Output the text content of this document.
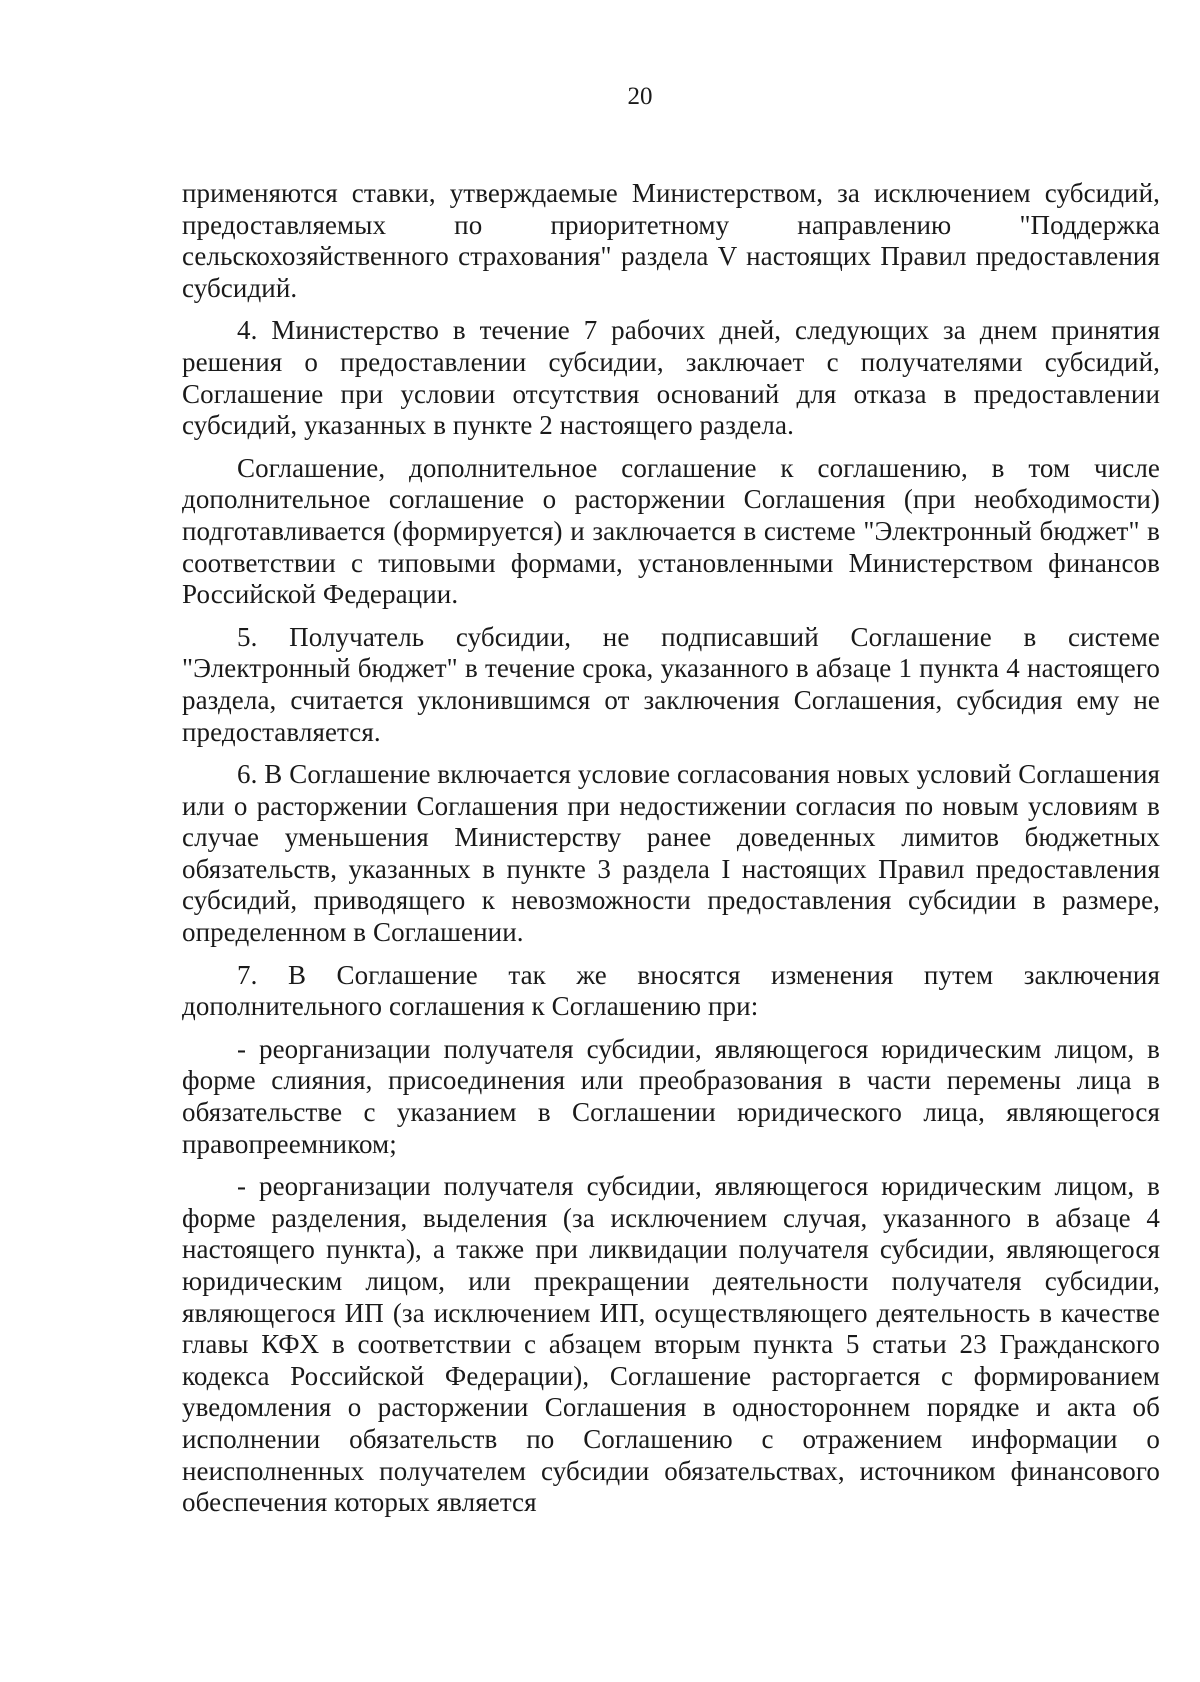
20

применяются ставки, утверждаемые Министерством, за исключением субсидий, предоставляемых по приоритетному направлению "Поддержка сельскохозяйственного страхования" раздела V настоящих Правил предоставления субсидий.

4. Министерство в течение 7 рабочих дней, следующих за днем принятия решения о предоставлении субсидии, заключает с получателями субсидий, Соглашение при условии отсутствия оснований для отказа в предоставлении субсидий, указанных в пункте 2 настоящего раздела.

Соглашение, дополнительное соглашение к соглашению, в том числе дополнительное соглашение о расторжении Соглашения (при необходимости) подготавливается (формируется) и заключается в системе "Электронный бюджет" в соответствии с типовыми формами, установленными Министерством финансов Российской Федерации.

5. Получатель субсидии, не подписавший Соглашение в системе "Электронный бюджет" в течение срока, указанного в абзаце 1 пункта 4 настоящего раздела, считается уклонившимся от заключения Соглашения, субсидия ему не предоставляется.

6. В Соглашение включается условие согласования новых условий Соглашения или о расторжении Соглашения при недостижении согласия по новым условиям в случае уменьшения Министерству ранее доведенных лимитов бюджетных обязательств, указанных в пункте 3 раздела I настоящих Правил предоставления субсидий, приводящего к невозможности предоставления субсидии в размере, определенном в Соглашении.

7. В Соглашение так же вносятся изменения путем заключения дополнительного соглашения к Соглашению при:

- реорганизации получателя субсидии, являющегося юридическим лицом, в форме слияния, присоединения или преобразования в части перемены лица в обязательстве с указанием в Соглашении юридического лица, являющегося правопреемником;

- реорганизации получателя субсидии, являющегося юридическим лицом, в форме разделения, выделения (за исключением случая, указанного в абзаце 4 настоящего пункта), а также при ликвидации получателя субсидии, являющегося юридическим лицом, или прекращении деятельности получателя субсидии, являющегося ИП (за исключением ИП, осуществляющего деятельность в качестве главы КФХ в соответствии с абзацем вторым пункта 5 статьи 23 Гражданского кодекса Российской Федерации), Соглашение расторгается с формированием уведомления о расторжении Соглашения в одностороннем порядке и акта об исполнении обязательств по Соглашению с отражением информации о неисполненных получателем субсидии обязательствах, источником финансового обеспечения которых является
